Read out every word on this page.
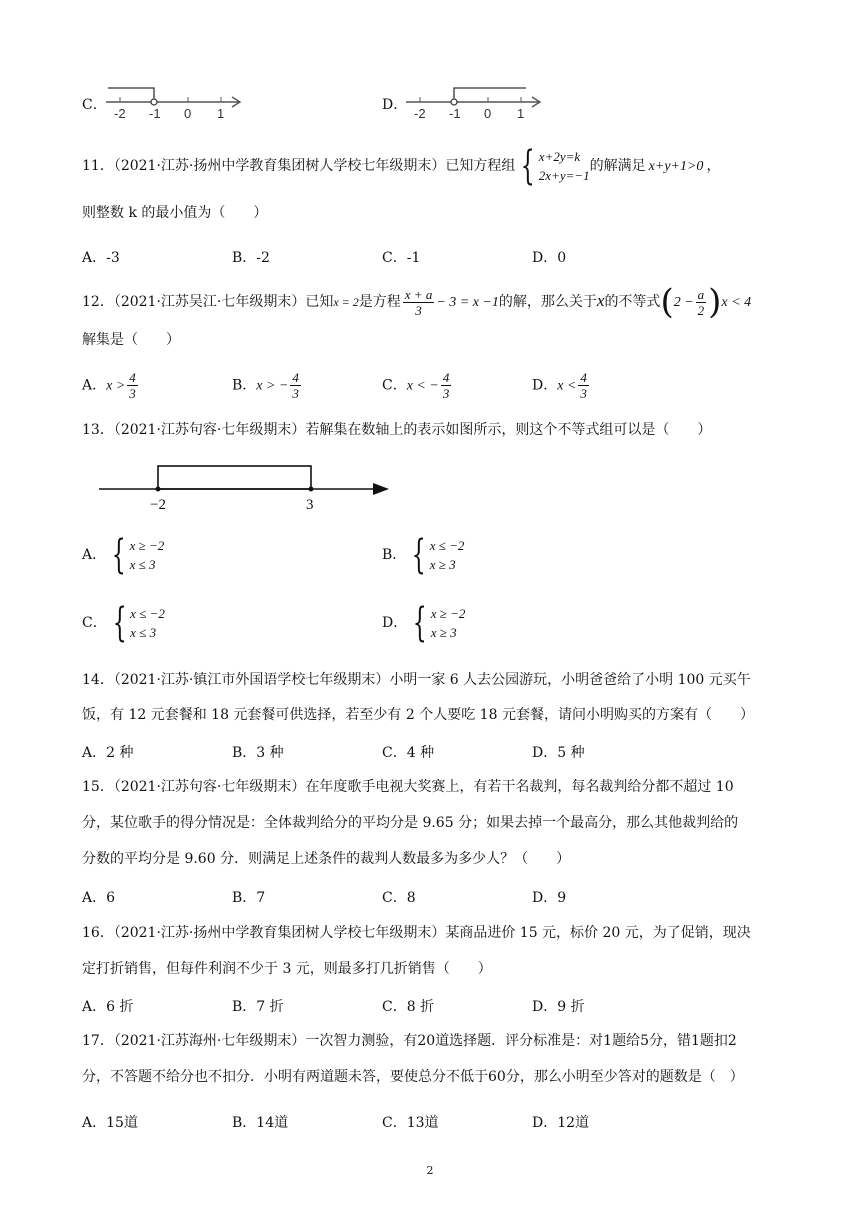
C．
-2 -1 0 1
D．
-2 -1 0 1
11．（2021·江苏·扬州中学教育集团树人学校七年级期末）已知方程组 { x+2y=k
2x+y=−1
的解满足 x+y+1>0 ，
则整数 k 的最小值为（　　）
A．-3	B．-2	C．-1	D．0
12．（2021·江苏吴江·七年级期末）已知x = 2是方程 $\frac{x + a}{3} - 3 = x -1$的解，那么关于x的不等式$(2 - \frac{a}{2} )x < 4$
解集是（　　）
A．$x > \frac{4}{3}$	B．x > − $\frac{4}{3}$	C．x < − $\frac{4}{3}$	D．$x < \frac{4}{3}$
13．（2021·江苏句容·七年级期末）若解集在数轴上的表示如图所示，则这个不等式组可以是（　　）
−2	3
A． { x ≥ −2
x ≤ 3
B． { x ≤ −2
x ≥ 3
C． { x ≤ −2
x ≤ 3
D． { x ≥ −2
x ≥ 3
14．（2021·江苏·镇江市外国语学校七年级期末）小明一家 6 人去公园游玩，小明爸爸给了小明 100 元买午
饭，有 12 元套餐和 18 元套餐可供选择，若至少有 2 个人要吃 18 元套餐，请问小明购买的方案有（　　）
A．2 种	B．3 种	C．4 种	D．5 种
15．（2021·江苏句容·七年级期末）在年度歌手电视大奖赛上，有若干名裁判，每名裁判给分都不超过 10
分，某位歌手的得分情况是：全体裁判给分的平均分是 9.65 分；如果去掉一个最高分，那么其他裁判给的
分数的平均分是 9.60 分．则满足上述条件的裁判人数最多为多少人？（　　）
A．6	B．7	C．8	D．9
16．（2021·江苏·扬州中学教育集团树人学校七年级期末）某商品进价 15 元，标价 20 元，为了促销，现决
定打折销售，但每件利润不少于 3 元，则最多打几折销售（　　）
A．6 折	B．7 折	C．8 折	D．9 折
17．（2021·江苏海州·七年级期末）一次智力测验，有20道选择题．评分标准是：对1题给5分，错1题扣2
分，不答题不给分也不扣分．小明有两道题未答，要使总分不低于60分，那么小明至少答对的题数是（　）
A．15道	B．14道	C．13道	D．12道
2
